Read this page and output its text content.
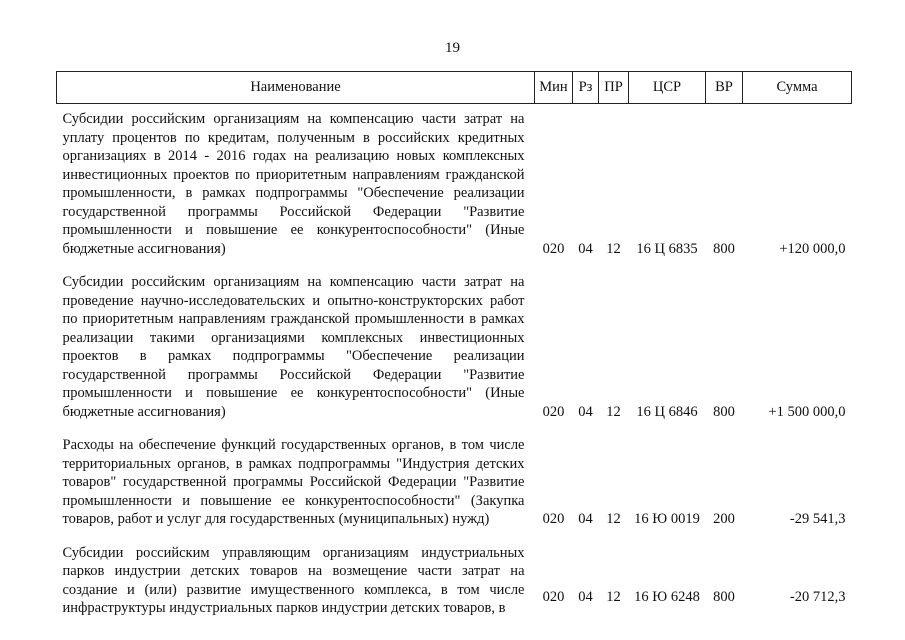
19
Наименование	Мин	Рз	ПР	ЦСР	ВР	Сумма
Субсидии российским организациям на компенсацию части затрат на уплату процентов по кредитам, полученным в российских кредитных организациях в 2014 - 2016 годах на реализацию новых комплексных инвестиционных проектов по приоритетным направлениям гражданской промышленности, в рамках подпрограммы "Обеспечение реализации государственной программы Российской Федерации "Развитие промышленности и повышение ее конкурентоспособности" (Иные бюджетные ассигнования)	020	04	12	16 Ц 6835	800	+120 000,0
Субсидии российским организациям на компенсацию части затрат на проведение научно-исследовательских и опытно-конструкторских работ по приоритетным направлениям гражданской промышленности в рамках реализации такими организациями комплексных инвестиционных проектов в рамках подпрограммы "Обеспечение реализации государственной программы Российской Федерации "Развитие промышленности и повышение ее конкурентоспособности" (Иные бюджетные ассигнования)	020	04	12	16 Ц 6846	800	+1 500 000,0
Расходы на обеспечение функций государственных органов, в том числе территориальных органов, в рамках подпрограммы "Индустрия детских товаров" государственной программы Российской Федерации "Развитие промышленности и повышение ее конкурентоспособности" (Закупка товаров, работ и услуг для государственных (муниципальных) нужд)	020	04	12	16 Ю 0019	200	-29 541,3
Субсидии российским управляющим организациям индустриальных парков индустрии детских товаров на возмещение части затрат на создание и (или) развитие имущественного комплекса, в том числе инфраструктуры индустриальных парков индустрии детских товаров, в	020	04	12	16 Ю 6248	800	-20 712,3
